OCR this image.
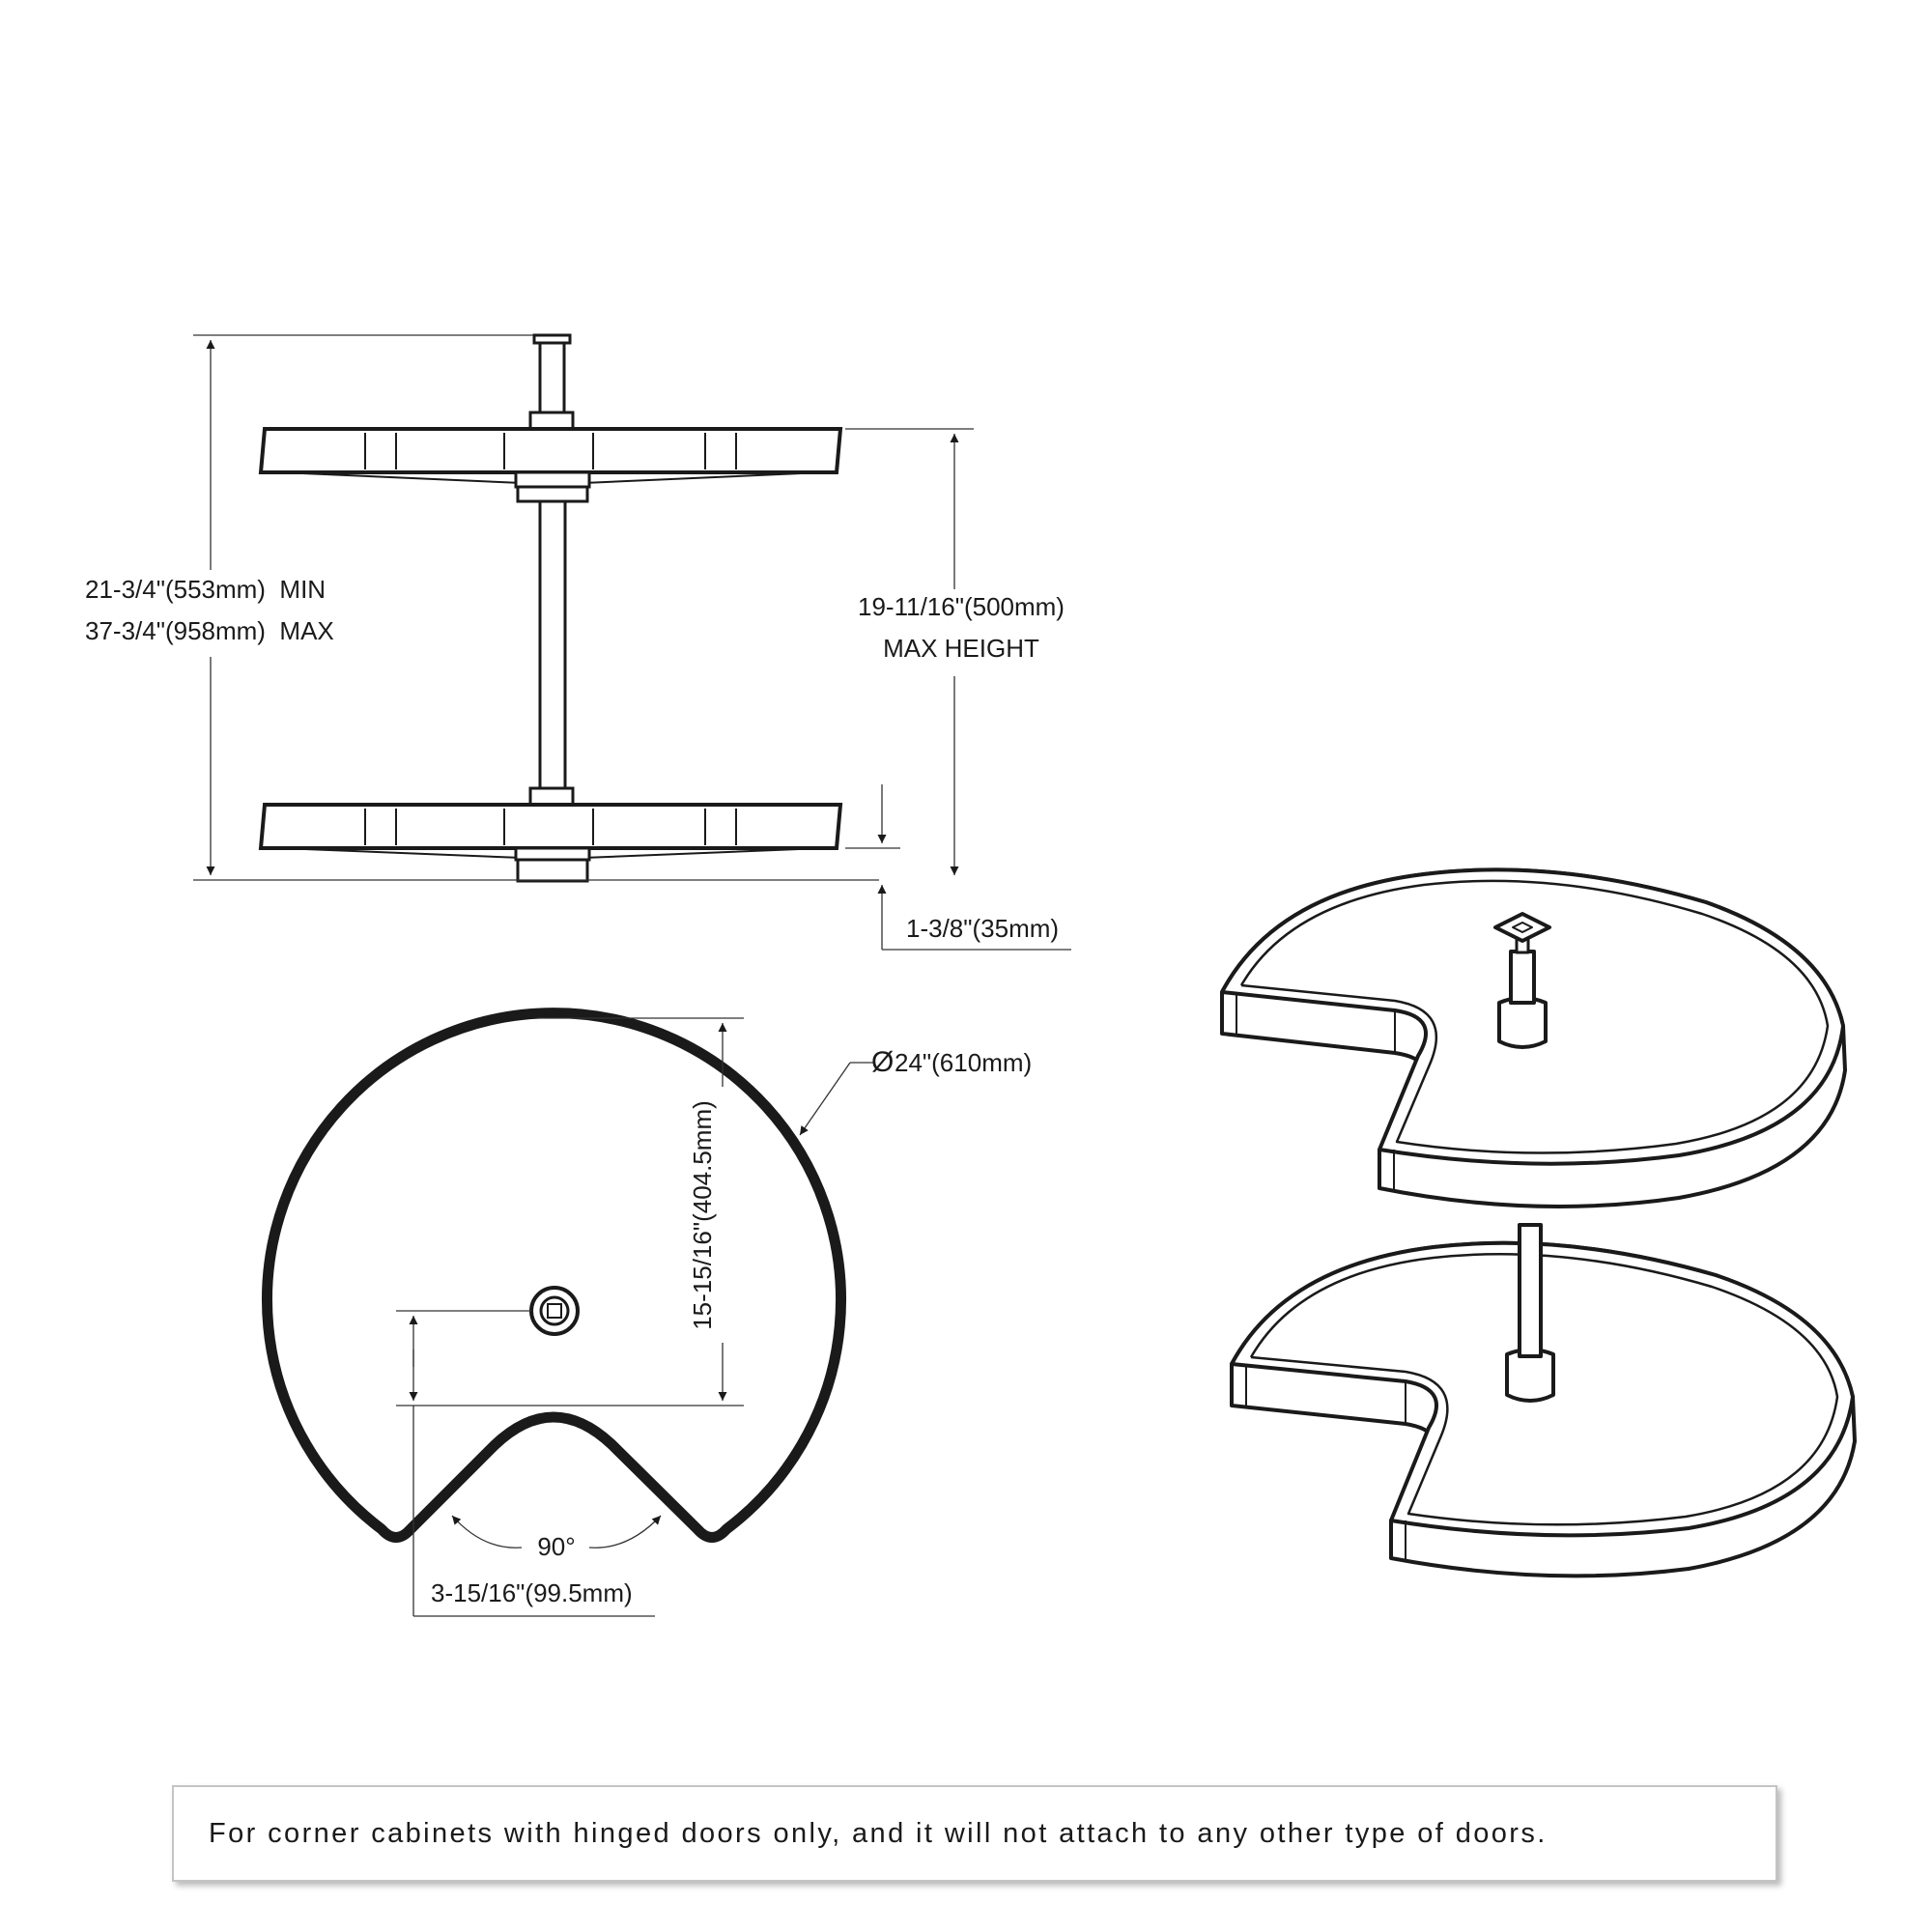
21-3/4"(553mm)  MIN
37-3/4"(958mm)  MAX
19-11/16"(500mm)
MAX HEIGHT
1-3/8"(35mm)
15-15/16"(404.5mm)
90°
3-15/16"(99.5mm)
Ø 24"(610mm)
For corner cabinets with hinged doors only, and it will not attach to any other type of doors.
